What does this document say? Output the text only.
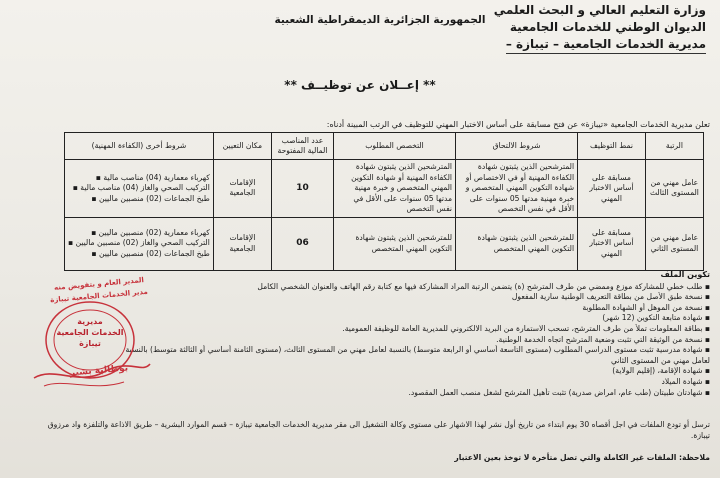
الجمهورية الجزائرية الديمقراطية الشعبية
وزارة التعليم العالي و البحث العلمي
الديوان الوطني للخدمات الجامعية
مديرية الخدمات الجامعية – تيبازة –
** إعــلان عن توظيــف **
تعلن مديرية الخدمات الجامعية «تيبازة» عن فتح مسابقة على أساس الاختبار المهني للتوظيف في الرتب المبينة أدناه:
الرتبة	نمط التوظيف	شروط الالتحاق	التخصص المطلوب	عدد المناصب المالية المفتوحة	مكان التعيين	شروط أخرى (الكفاءة المهنية)
عامل مهني من المستوى الثالث	مسابقة على أساس الاختبار المهني	المترشحين الذين يثبتون شهادة الكفاءة المهنية أو في الاختصاص أو شهادة التكوين المهني المتخصص و خبرة مهنية مدتها 05 سنوات على الأقل في نفس التخصص	المترشحين الذين يثبتون شهادة الكفاءة المهنية أو شهادة التكوين المهني المتخصص و خبرة مهنية مدتها 05 سنوات على الأقل في نفس التخصص	10	الإقامات الجامعية	كهرباء معمارية (04) مناصب مالية ▪
التركيب الصحي والغاز (04) مناصب مالية ▪
طبخ الجماعات (02) منصبين ماليين ▪

عامل مهني من المستوى الثاني	مسابقة على أساس الاختبار المهني	للمترشحين الذين يثبتون شهادة التكوين المهني المتخصص	للمترشحين الذين يثبتون شهادة التكوين المهني المتخصص	06	الإقامات الجامعية	كهرباء معمارية (02) منصبين ماليين ▪
التركيب الصحي والغاز (02) منصبين ماليين ▪
طبخ الجماعات (02) منصبين ماليين ▪
تكوين الملف
▪ طلب خطي للمشاركة موزع وممضي من طرف المترشح (ة) يتضمن الرتبة المراد المشاركة فيها مع كتابة رقم الهاتف والعنوان الشخصي الكامل
▪ نسخة طبق الأصل من بطاقة التعريف الوطنية سارية المفعول
▪ نسخة من الموهل أو الشهادة المطلوبة
▪ شهادة متابعة التكوين (12 شهر)
▪ بطاقة المعلومات تملأ من طرف المترشح، تسحب الاستمارة من البريد الالكتروني للمديرية العامة للوظيفة العمومية.
▪ نسخة من الوثيقة التي تثبت وضعية المترشح اتجاه الخدمة الوطنية.
▪ شهادة مدرسية تثبت مستوى الدراسي المطلوب (مستوى التاسعة أساسي أو الرابعة متوسط) بالنسبة لعامل مهني من المستوى الثالث، (مستوى الثامنة أساسي أو الثالثة متوسط) بالنسبة لعامل مهني من المستوى الثاني
▪ شهادة الإقامة، (إقليم الولاية)
▪ شهادة الميلاد
▪ شهادتان طبيتان (طب عام، امراض صدرية) تثبت تأهيل المترشح لشغل منصب العمل المقصود.

ترسل أو تودع الملفات في اجل أقصاه 30 يوم ابتداء من تاريخ أول نشر لهذا الاشهار على مستوى وكالة التشغيل الى مقر مديرية الخدمات الجامعية تيبازة – قسم الموارد البشرية – طريق الاذاعة والتلفزة واد مرزوق

تيبازة.

ملاحظة: الملفات غير الكاملة والتي تصل متأخرة لا توخذ بعين الاعتبار

المدير العام و بتفويض منه
مدير الخدمات الجامعية تيبازة
مديرية
الخدمات الجامعية
تيبازة
بوطالبة بشير
